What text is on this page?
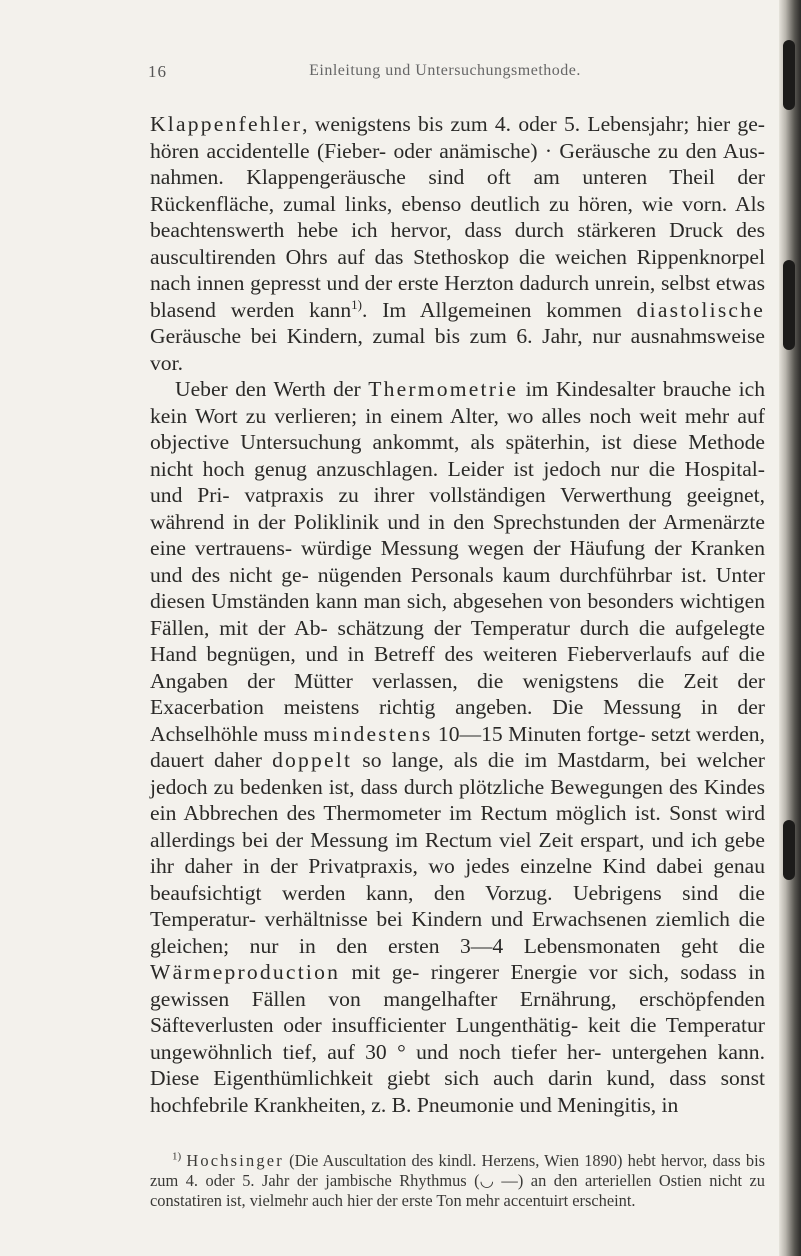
16	Einleitung und Untersuchungsmethode.

Klappenfehler, wenigstens bis zum 4. oder 5. Lebensjahr; hier ge- hören accidentelle (Fieber- oder anämische) · Geräusche zu den Aus- nahmen. Klappengeräusche sind oft am unteren Theil der Rückenfläche, zumal links, ebenso deutlich zu hören, wie vorn. Als beachtenswerth hebe ich hervor, dass durch stärkeren Druck des auscultirenden Ohrs auf das Stethoskop die weichen Rippenknorpel nach innen gepresst und der erste Herzton dadurch unrein, selbst etwas blasend werden kann$^{1)}$. Im Allgemeinen kommen diastolische Geräusche bei Kindern, zumal bis zum 6. Jahr, nur ausnahmsweise vor.

Ueber den Werth der Thermometrie im Kindesalter brauche ich kein Wort zu verlieren; in einem Alter, wo alles noch weit mehr auf objective Untersuchung ankommt, als späterhin, ist diese Methode nicht hoch genug anzuschlagen. Leider ist jedoch nur die Hospital- und Pri- vatpraxis zu ihrer vollständigen Verwerthung geeignet, während in der Poliklinik und in den Sprechstunden der Armenärzte eine vertrauens- würdige Messung wegen der Häufung der Kranken und des nicht ge- nügenden Personals kaum durchführbar ist. Unter diesen Umständen kann man sich, abgesehen von besonders wichtigen Fällen, mit der Ab- schätzung der Temperatur durch die aufgelegte Hand begnügen, und in Betreff des weiteren Fieberverlaufs auf die Angaben der Mütter verlassen, die wenigstens die Zeit der Exacerbation meistens richtig angeben. Die Messung in der Achselhöhle muss mindestens 10—15 Minuten fortge- setzt werden, dauert daher doppelt so lange, als die im Mastdarm, bei welcher jedoch zu bedenken ist, dass durch plötzliche Bewegungen des Kindes ein Abbrechen des Thermometer im Rectum möglich ist. Sonst wird allerdings bei der Messung im Rectum viel Zeit erspart, und ich gebe ihr daher in der Privatpraxis, wo jedes einzelne Kind dabei genau beaufsichtigt werden kann, den Vorzug. Uebrigens sind die Temperatur- verhältnisse bei Kindern und Erwachsenen ziemlich die gleichen; nur in den ersten 3—4 Lebensmonaten geht die Wärmeproduction mit ge- ringerer Energie vor sich, sodass in gewissen Fällen von mangelhafter Ernährung, erschöpfenden Säfteverlusten oder insufficienter Lungenthätig- keit die Temperatur ungewöhnlich tief, auf 30 ° und noch tiefer her- untergehen kann. Diese Eigenthümlichkeit giebt sich auch darin kund, dass sonst hochfebrile Krankheiten, z. B. Pneumonie und Meningitis, in

$^{1)}$ Hochsinger (Die Auscultation des kindl. Herzens, Wien 1890) hebt hervor, dass bis zum 4. oder 5. Jahr der jambische Rhythmus (◡ —) an den arteriellen Ostien nicht zu constatiren ist, vielmehr auch hier der erste Ton mehr accentuirt erscheint.
